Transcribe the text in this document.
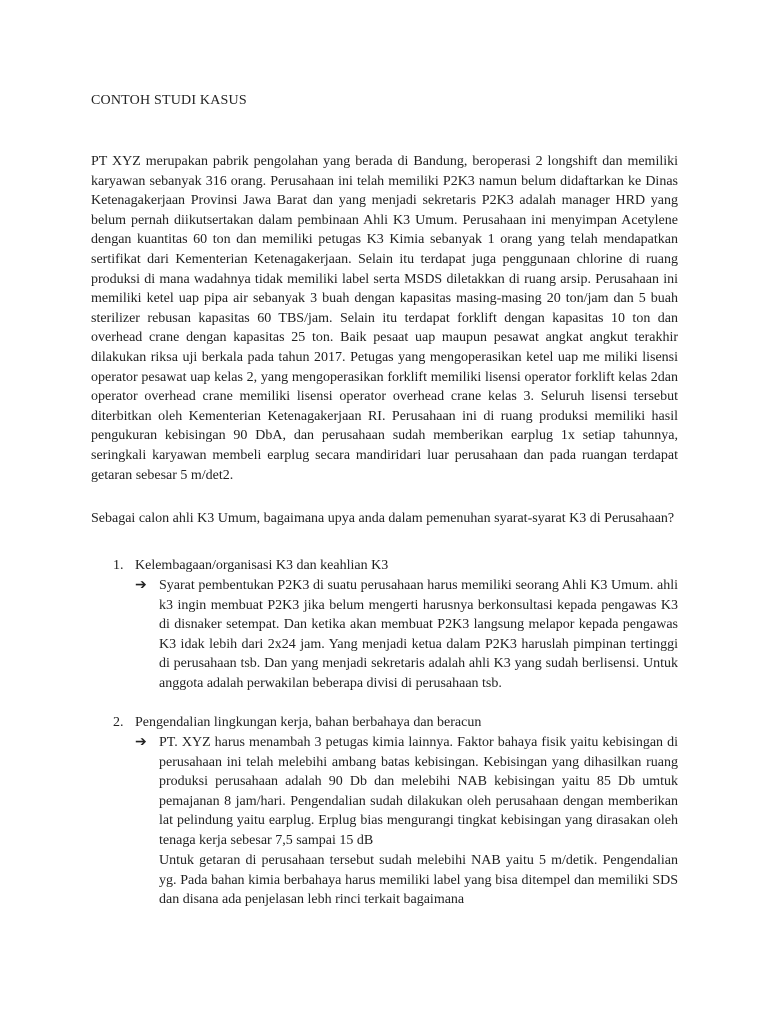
CONTOH STUDI KASUS

PT XYZ merupakan pabrik pengolahan yang berada di Bandung, beroperasi 2 longshift dan memiliki karyawan sebanyak 316 orang. Perusahaan ini telah memiliki P2K3 namun belum didaftarkan ke Dinas Ketenagakerjaan Provinsi Jawa Barat dan yang menjadi sekretaris P2K3 adalah manager HRD yang belum pernah diikutsertakan dalam pembinaan Ahli K3 Umum. Perusahaan ini menyimpan Acetylene dengan kuantitas 60 ton dan memiliki petugas K3 Kimia sebanyak 1 orang yang telah mendapatkan sertifikat dari Kementerian Ketenagakerjaan. Selain itu terdapat juga penggunaan chlorine di ruang produksi di mana wadahnya tidak memiliki label serta MSDS diletakkan di ruang arsip. Perusahaan ini memiliki ketel uap pipa air sebanyak 3 buah dengan kapasitas masing-masing 20 ton/jam dan 5 buah sterilizer rebusan kapasitas 60 TBS/jam. Selain itu terdapat forklift dengan kapasitas 10 ton dan overhead crane dengan kapasitas 25 ton. Baik pesaat uap maupun pesawat angkat angkut terakhir dilakukan riksa uji berkala pada tahun 2017. Petugas yang mengoperasikan ketel uap me miliki lisensi operator pesawat uap kelas 2, yang mengoperasikan forklift memiliki lisensi operator forklift kelas 2dan operator overhead crane memiliki lisensi operator overhead crane kelas 3. Seluruh lisensi tersebut diterbitkan oleh Kementerian Ketenagakerjaan RI. Perusahaan ini di ruang produksi memiliki hasil pengukuran kebisingan 90 DbA, dan perusahaan sudah memberikan earplug 1x setiap tahunnya, seringkali karyawan membeli earplug secara mandiridari luar perusahaan dan pada ruangan terdapat getaran sebesar 5 m/det2.

Sebagai calon ahli K3 Umum, bagaimana upya anda dalam pemenuhan syarat-syarat K3 di Perusahaan?

1. Kelembagaan/organisasi K3 dan keahlian K3
➔ Syarat pembentukan P2K3 di suatu perusahaan harus memiliki seorang Ahli K3 Umum. ahli k3 ingin membuat P2K3 jika belum mengerti harusnya berkonsultasi kepada pengawas K3 di disnaker setempat. Dan ketika akan membuat P2K3 langsung melapor kepada pengawas K3 idak lebih dari 2x24 jam. Yang menjadi ketua dalam P2K3 haruslah pimpinan tertinggi di perusahaan tsb. Dan yang menjadi sekretaris adalah ahli K3 yang sudah berlisensi. Untuk anggota adalah perwakilan beberapa divisi di perusahaan tsb.

2. Pengendalian lingkungan kerja, bahan berbahaya dan beracun
➔ PT. XYZ harus menambah 3 petugas kimia lainnya. Faktor bahaya fisik yaitu kebisingan di perusahaan ini telah melebihi ambang batas kebisingan. Kebisingan yang dihasilkan ruang produksi perusahaan adalah 90 Db dan melebihi NAB kebisingan yaitu 85 Db umtuk pemajanan 8 jam/hari. Pengendalian sudah dilakukan oleh perusahaan dengan memberikan lat pelindung yaitu earplug. Erplug bias mengurangi tingkat kebisingan yang dirasakan oleh tenaga kerja sebesar 7,5 sampai 15 dB

Untuk getaran di perusahaan tersebut sudah melebihi NAB yaitu 5 m/detik. Pengendalian yg. Pada bahan kimia berbahaya harus memiliki label yang bisa ditempel dan memiliki SDS dan disana ada penjelasan lebh rinci terkait bagaimana
